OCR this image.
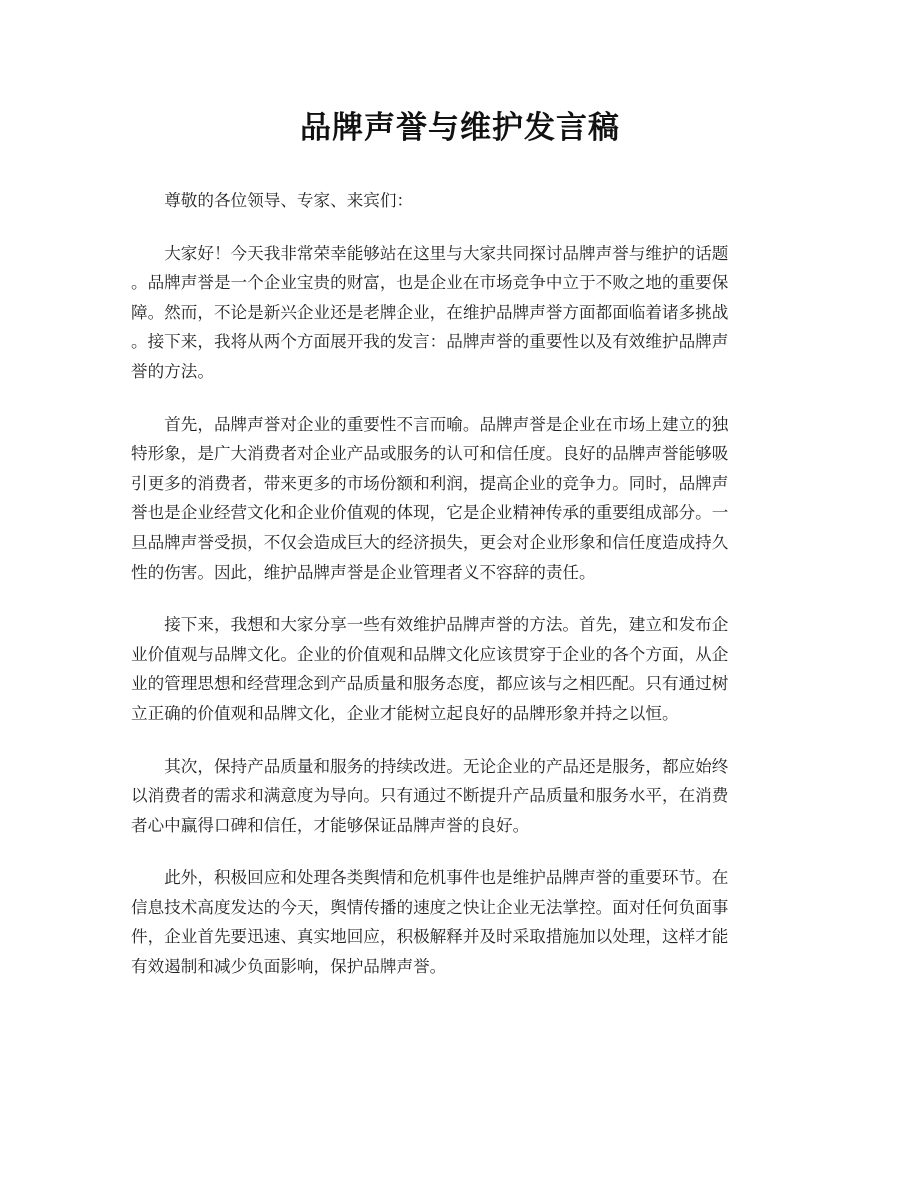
品牌声誉与维护发言稿

尊敬的各位领导、专家、来宾们：

大家好！今天我非常荣幸能够站在这里与大家共同探讨品牌声誉与维护的话题
。品牌声誉是一个企业宝贵的财富，也是企业在市场竞争中立于不败之地的重要保
障。然而，不论是新兴企业还是老牌企业，在维护品牌声誉方面都面临着诸多挑战
。接下来，我将从两个方面展开我的发言：品牌声誉的重要性以及有效维护品牌声
誉的方法。

首先，品牌声誉对企业的重要性不言而喻。品牌声誉是企业在市场上建立的独
特形象，是广大消费者对企业产品或服务的认可和信任度。良好的品牌声誉能够吸
引更多的消费者，带来更多的市场份额和利润，提高企业的竞争力。同时，品牌声
誉也是企业经营文化和企业价值观的体现，它是企业精神传承的重要组成部分。一
旦品牌声誉受损，不仅会造成巨大的经济损失，更会对企业形象和信任度造成持久
性的伤害。因此，维护品牌声誉是企业管理者义不容辞的责任。

接下来，我想和大家分享一些有效维护品牌声誉的方法。首先，建立和发布企
业价值观与品牌文化。企业的价值观和品牌文化应该贯穿于企业的各个方面，从企
业的管理思想和经营理念到产品质量和服务态度，都应该与之相匹配。只有通过树
立正确的价值观和品牌文化，企业才能树立起良好的品牌形象并持之以恒。

其次，保持产品质量和服务的持续改进。无论企业的产品还是服务，都应始终
以消费者的需求和满意度为导向。只有通过不断提升产品质量和服务水平，在消费
者心中赢得口碑和信任，才能够保证品牌声誉的良好。

此外，积极回应和处理各类舆情和危机事件也是维护品牌声誉的重要环节。在
信息技术高度发达的今天，舆情传播的速度之快让企业无法掌控。面对任何负面事
件，企业首先要迅速、真实地回应，积极解释并及时采取措施加以处理，这样才能
有效遏制和减少负面影响，保护品牌声誉。
